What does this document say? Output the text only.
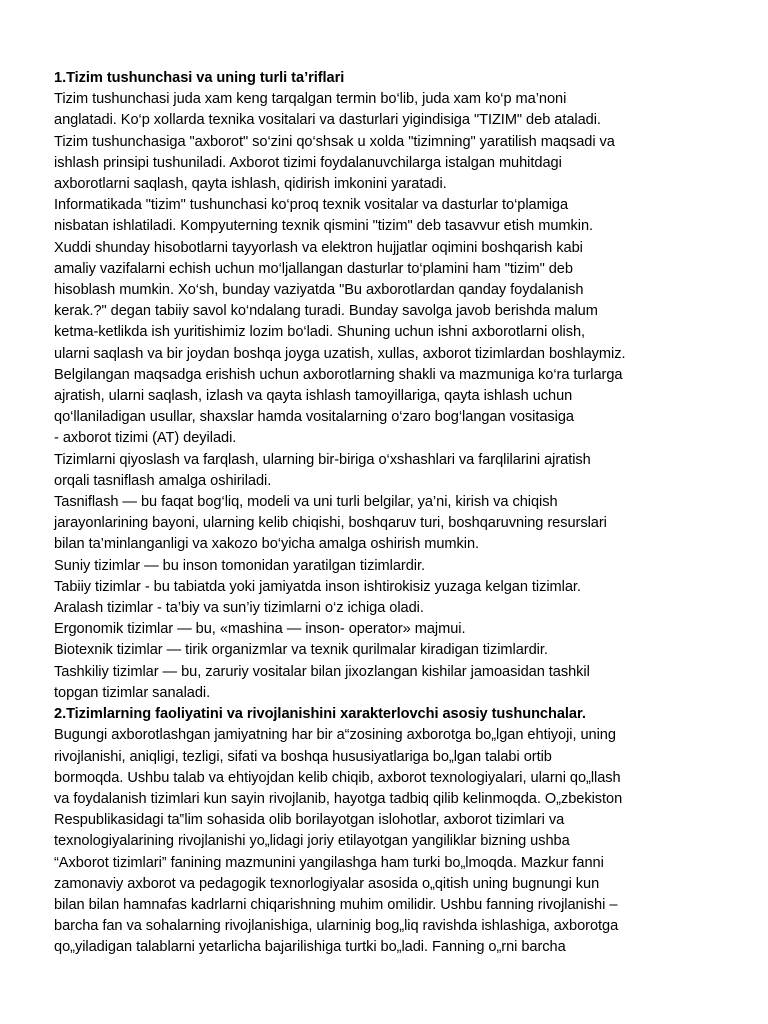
1.Tizim tushunchasi va uning turli ta’riflari
Tizim tushunchasi juda xam keng tarqalgan termin bo‘lib, juda xam ko‘p ma’noni
anglatadi. Ko‘p xollarda texnika vositalari va dasturlari yigindisiga "TIZIM" deb ataladi.
Tizim tushunchasiga "axborot" so‘zini qo‘shsak u xolda "tizimning" yaratilish maqsadi va
ishlash prinsipi tushuniladi. Axborot tizimi foydalanuvchilarga istalgan muhitdagi
axborotlarni saqlash, qayta ishlash, qidirish imkonini yaratadi.
Informatikada "tizim" tushunchasi ko‘proq texnik vositalar va dasturlar to‘plamiga
nisbatan ishlatiladi. Kompyuterning texnik qismini "tizim" deb tasavvur etish mumkin.
Xuddi shunday hisobotlarni tayyorlash va elektron hujjatlar oqimini boshqarish kabi
amaliy vazifalarni echish uchun mo‘ljallangan dasturlar to‘plamini ham "tizim" deb
hisoblash mumkin. Xo‘sh, bunday vaziyatda "Bu axborotlardan qanday foydalanish
kerak.?" degan tabiiy savol ko‘ndalang turadi. Bunday savolga javob berishda malum
ketma-ketlikda ish yuritishimiz lozim bo‘ladi. Shuning uchun ishni axborotlarni olish,
ularni saqlash va bir joydan boshqa joyga uzatish, xullas, axborot tizimlardan boshlaymiz.
Belgilangan maqsadga erishish uchun axborotlarning shakli va mazmuniga ko‘ra turlarga
ajratish, ularni saqlash, izlash va qayta ishlash tamoyillariga, qayta ishlash uchun
qo‘llaniladigan usullar, shaxslar hamda vositalarning o‘zaro bog‘langan vositasiga
- axborot tizimi (AT) deyiladi.
Tizimlarni qiyoslash va farqlash, ularning bir-biriga o‘xshashlari va farqlilarini ajratish
orqali tasniflash amalga oshiriladi.
Tasniflash — bu faqat bog‘liq, modeli va uni turli belgilar, ya’ni, kirish va chiqish
jarayonlarining bayoni, ularning kelib chiqishi, boshqaruv turi, boshqaruvning resurslari
bilan ta’minlanganligi va xakozo bo‘yicha amalga oshirish mumkin.
Suniy tizimlar — bu inson tomonidan yaratilgan tizimlardir.
Tabiiy tizimlar - bu tabiatda yoki jamiyatda inson ishtirokisiz yuzaga kelgan tizimlar.
Aralash tizimlar - ta’biy va sun’iy tizimlarni o‘z ichiga oladi.
Ergonomik tizimlar — bu, «mashina — inson- operator» majmui.
Biotexnik tizimlar — tirik organizmlar va texnik qurilmalar kiradigan tizimlardir.
Tashkiliy tizimlar — bu, zaruriy vositalar bilan jixozlangan kishilar jamoasidan tashkil
topgan tizimlar sanaladi.
2.Tizimlarning faoliyatini va rivojlanishini xarakterlovchi asosiy tushunchalar.
Bugungi axborotlashgan jamiyatning har bir a“zosining axborotga bo„lgan ehtiyoji, uning
rivojlanishi, aniqligi, tezligi, sifati va boshqa hususiyatlariga bo„lgan talabi ortib
bormoqda. Ushbu talab va ehtiyojdan kelib chiqib, axborot texnologiyalari, ularni qo„llash
va foydalanish tizimlari kun sayin rivojlanib, hayotga tadbiq qilib kelinmoqda. O„zbekiston
Respublikasidagi ta‟lim sohasida olib borilayotgan islohotlar, axborot tizimlari va
texnologiyalarining rivojlanishi yo„lidagi joriy etilayotgan yangiliklar bizning ushba
“Axborot tizimlari” fanining mazmunini yangilashga ham turki bo„lmoqda. Mazkur fanni
zamonaviy axborot va pedagogik texnorlogiyalar asosida o„qitish uning bugnungi kun
bilan bilan hamnafas kadrlarni chiqarishning muhim omilidir. Ushbu fanning rivojlanishi –
barcha fan va sohalarning rivojlanishiga, ularninig bog„liq ravishda ishlashiga, axborotga
qo„yiladigan talablarni yetarlicha bajarilishiga turtki bo„ladi. Fanning o„rni barcha
